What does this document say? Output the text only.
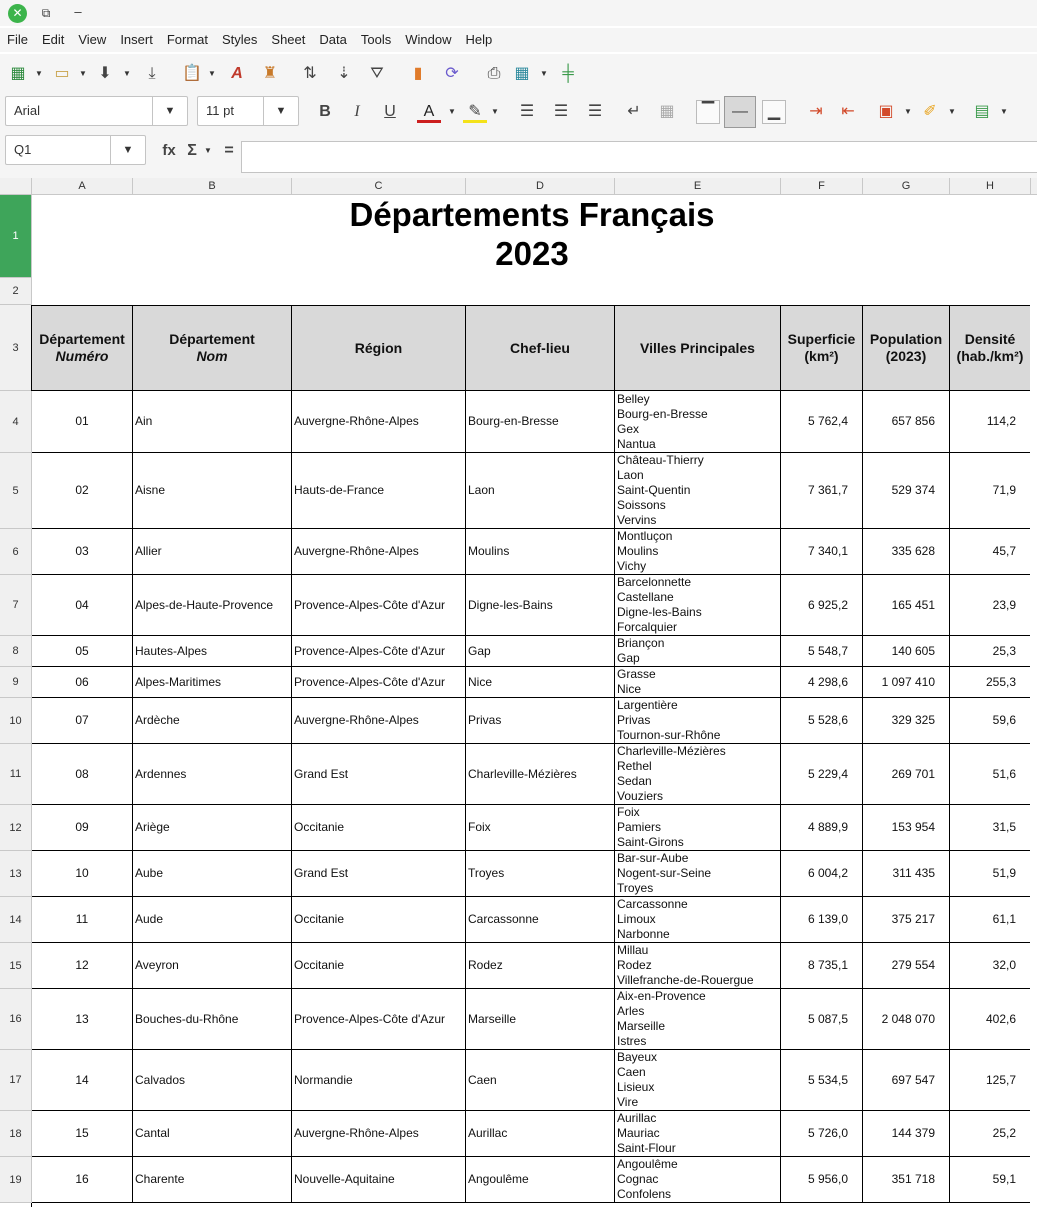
✕	⧉	–
File	Edit	View	Insert	Format	Styles	Sheet	Data	Tools	Window	Help
▦	▼ ▭	▼ ⬇	▼	⤓	📋 ▼ A	♜	⇅	⇣	⛛	▮	⟳	⎙ ▦	▼ ╪
Arial	▼	11 pt	▼	B	I	U	A	▼ ✎	▼	☰	☰	☰	↵	▦	▔	—	▁	⇥	⇤	▣	▼ ✐	▼ ▤	▼
Q1	▼	fx Σ ▼ =
A	B	C	D	E	F	G	H
1
2
3
Départements Français
2023
Département
Numéro
Département
Nom
Région	Chef-lieu	Villes Principales
Superficie
(km²)
Population
(2023)
Densité
(hab./km²)
4	01	Ain	Auvergne-Rhône-Alpes	Bourg-en-Bresse
Belley
Bourg-en-Bresse
Gex
Nantua
5 762,4	657 856	114,2
5	02	Aisne	Hauts-de-France	Laon
Château-Thierry
Laon
Saint-Quentin
Soissons
Vervins
7 361,7	529 374	71,9
6	03	Allier	Auvergne-Rhône-Alpes	Moulins
Montluçon
Moulins
Vichy
7 340,1	335 628	45,7
7	04	Alpes-de-Haute-Provence	Provence-Alpes-Côte d'Azur	Digne-les-Bains
Barcelonnette
Castellane
Digne-les-Bains
Forcalquier
6 925,2	165 451	23,9
8	05	Hautes-Alpes	Provence-Alpes-Côte d'Azur	Gap
Briançon
Gap
5 548,7	140 605	25,3
9	06	Alpes-Maritimes	Provence-Alpes-Côte d'Azur	Nice
Grasse
Nice
4 298,6	1 097 410	255,3
10	07	Ardèche	Auvergne-Rhône-Alpes	Privas
Largentière
Privas
Tournon-sur-Rhône
5 528,6	329 325	59,6
11	08	Ardennes	Grand Est	Charleville-Mézières
Charleville-Mézières
Rethel
Sedan
Vouziers
5 229,4	269 701	51,6
12	09	Ariège	Occitanie	Foix
Foix
Pamiers
Saint-Girons
4 889,9	153 954	31,5
13	10	Aube	Grand Est	Troyes
Bar-sur-Aube
Nogent-sur-Seine
Troyes
6 004,2	311 435	51,9
14	11	Aude	Occitanie	Carcassonne
Carcassonne
Limoux
Narbonne
6 139,0	375 217	61,1
15	12	Aveyron	Occitanie	Rodez
Millau
Rodez
Villefranche-de-Rouergue
8 735,1	279 554	32,0
16	13	Bouches-du-Rhône	Provence-Alpes-Côte d'Azur	Marseille
Aix-en-Provence
Arles
Marseille
Istres
5 087,5	2 048 070	402,6
17	14	Calvados	Normandie	Caen
Bayeux
Caen
Lisieux
Vire
5 534,5	697 547	125,7
18	15	Cantal	Auvergne-Rhône-Alpes	Aurillac
Aurillac
Mauriac
Saint-Flour
5 726,0	144 379	25,2
19	16	Charente	Nouvelle-Aquitaine	Angoulême
Angoulême
Cognac
Confolens
5 956,0	351 718	59,1
